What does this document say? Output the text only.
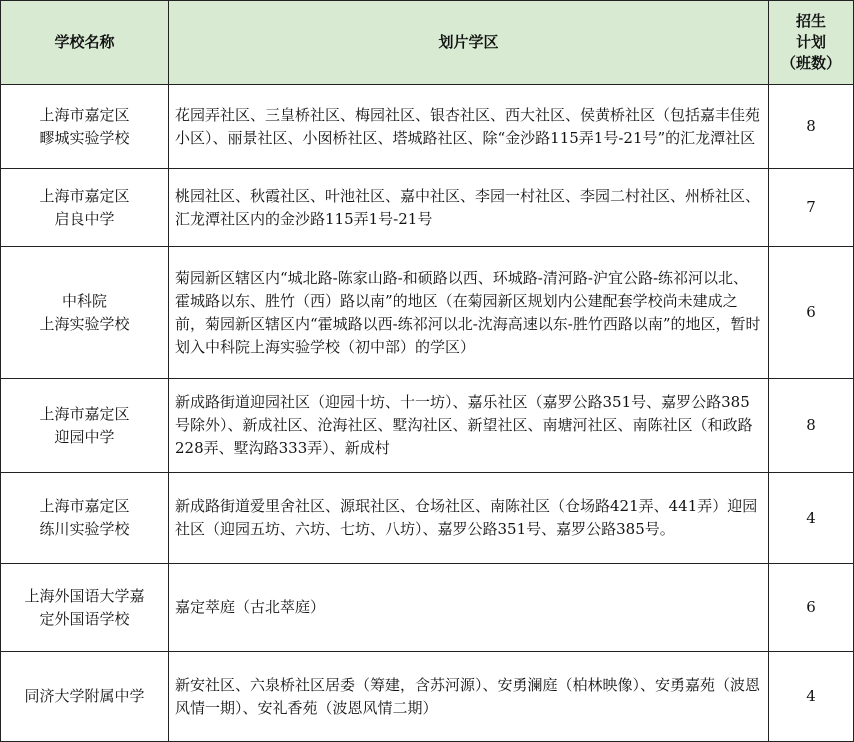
学校名称	划片学区	招生
计划
（班数）

上海市嘉定区
疁城实验学校	花园弄社区、三皇桥社区、梅园社区、银杏社区、西大社区、侯黄桥社区（包括嘉丰佳苑小区）、丽景社区、小囡桥社区、塔城路社区、除“金沙路115弄1号-21号”的汇龙潭社区	8

上海市嘉定区
启良中学	桃园社区、秋霞社区、叶池社区、嘉中社区、李园一村社区、李园二村社区、州桥社区、汇龙潭社区内的金沙路115弄1号-21号	7

中科院
上海实验学校	菊园新区辖区内“城北路-陈家山路-和硕路以西、环城路-清河路-沪宜公路-练祁河以北、霍城路以东、胜竹（西）路以南”的地区（在菊园新区规划内公建配套学校尚未建成之前，菊园新区辖区内“霍城路以西-练祁河以北-沈海高速以东-胜竹西路以南”的地区，暂时划入中科院上海实验学校（初中部）的学区）	6

上海市嘉定区
迎园中学	新成路街道迎园社区（迎园十坊、十一坊）、嘉乐社区（嘉罗公路351号、嘉罗公路385号除外）、新成社区、沧海社区、墅沟社区、新望社区、南塘河社区、南陈社区（和政路228弄、墅沟路333弄）、新成村	8

上海市嘉定区
练川实验学校	新成路街道爱里舍社区、源珉社区、仓场社区、南陈社区（仓场路421弄、441弄）迎园社区（迎园五坊、六坊、七坊、八坊）、嘉罗公路351号、嘉罗公路385号。	4

上海外国语大学嘉
定外国语学校	嘉定萃庭（古北萃庭）	6

同济大学附属中学	新安社区、六泉桥社区居委（筹建，含苏河源）、安勇澜庭（柏林映像）、安勇嘉苑（波恩风情一期）、安礼香苑（波恩风情二期）	4
